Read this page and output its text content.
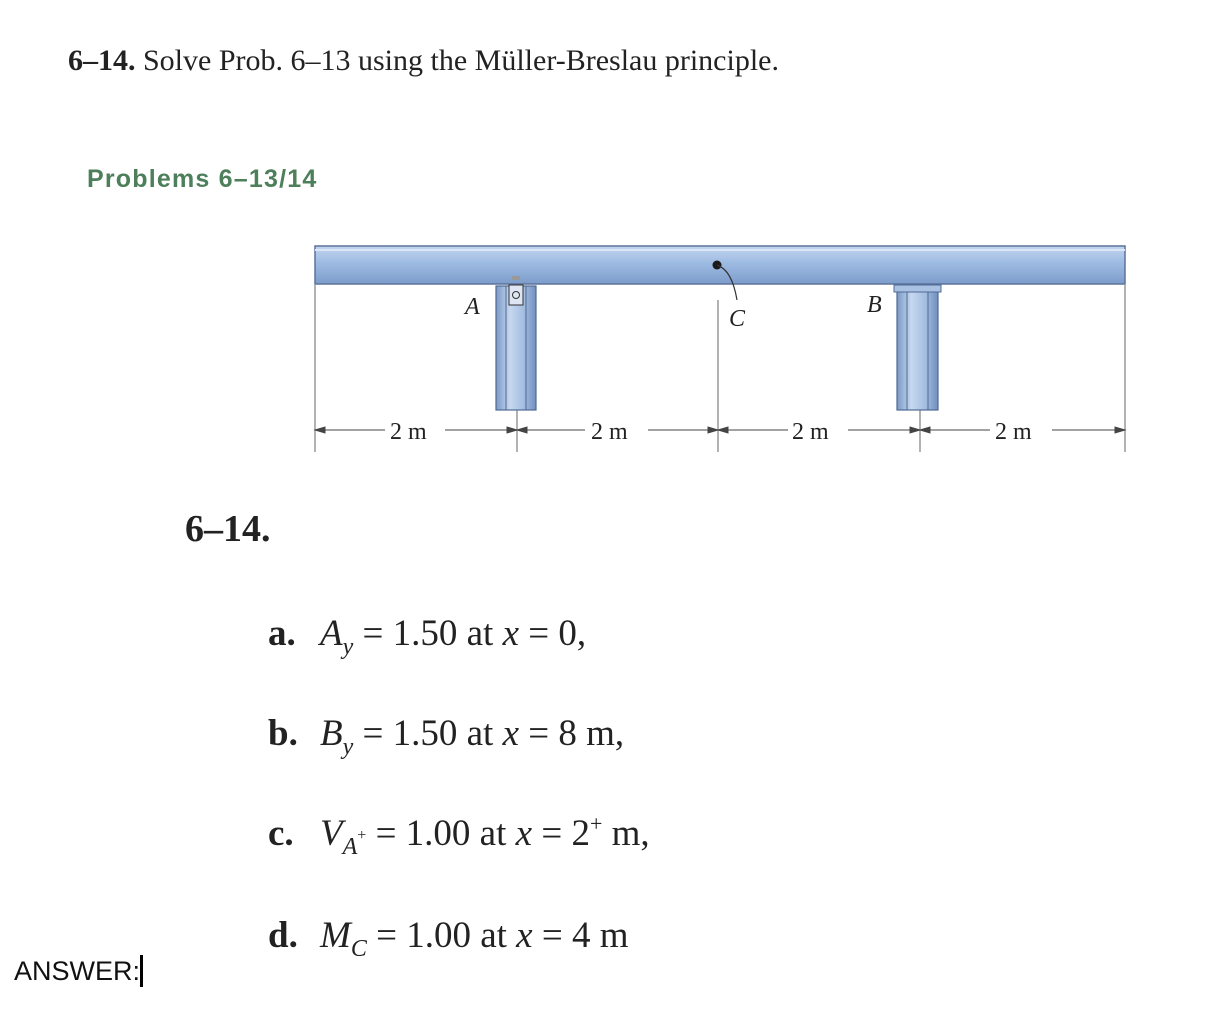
6–14. Solve Prob. 6–13 using the Müller-Breslau principle.
Problems 6–13/14
A	C
B
2 m	2 m	2 m	2 m
6–14.
a. $A_y = 1.50$ at x = 0,
b. $B_y = 1.50$ at x = 8 m,
c. $V_{A^+} = 1.00$ at x = 2+ m,
d. $M_C = 1.00$ at x = 4 m
ANSWER:
